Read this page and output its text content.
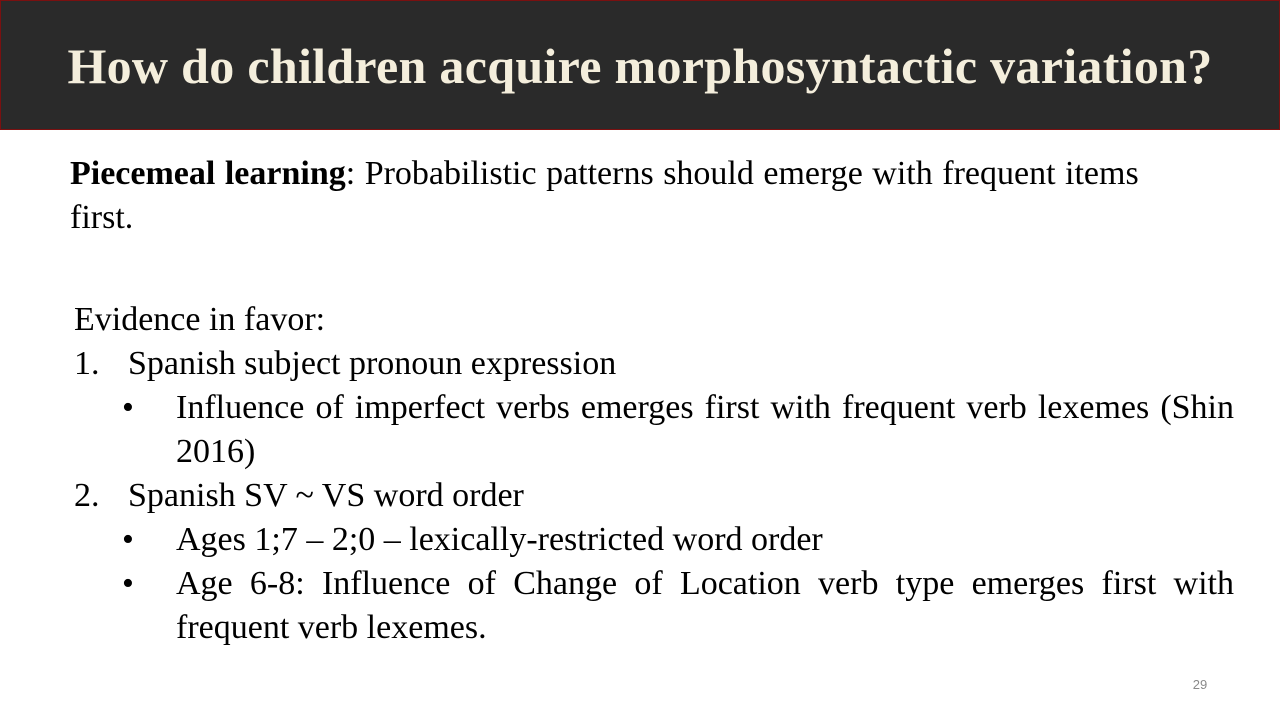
How do children acquire morphosyntactic variation?
Piecemeal learning: Probabilistic patterns should emerge with frequent items first.
Evidence in favor:
1. Spanish subject pronoun expression
• Influence of imperfect verbs emerges first with frequent verb lexemes (Shin 2016)
2. Spanish SV ~ VS word order
• Ages 1;7 – 2;0 – lexically-restricted word order
• Age 6-8: Influence of Change of Location verb type emerges first with frequent verb lexemes.
29
